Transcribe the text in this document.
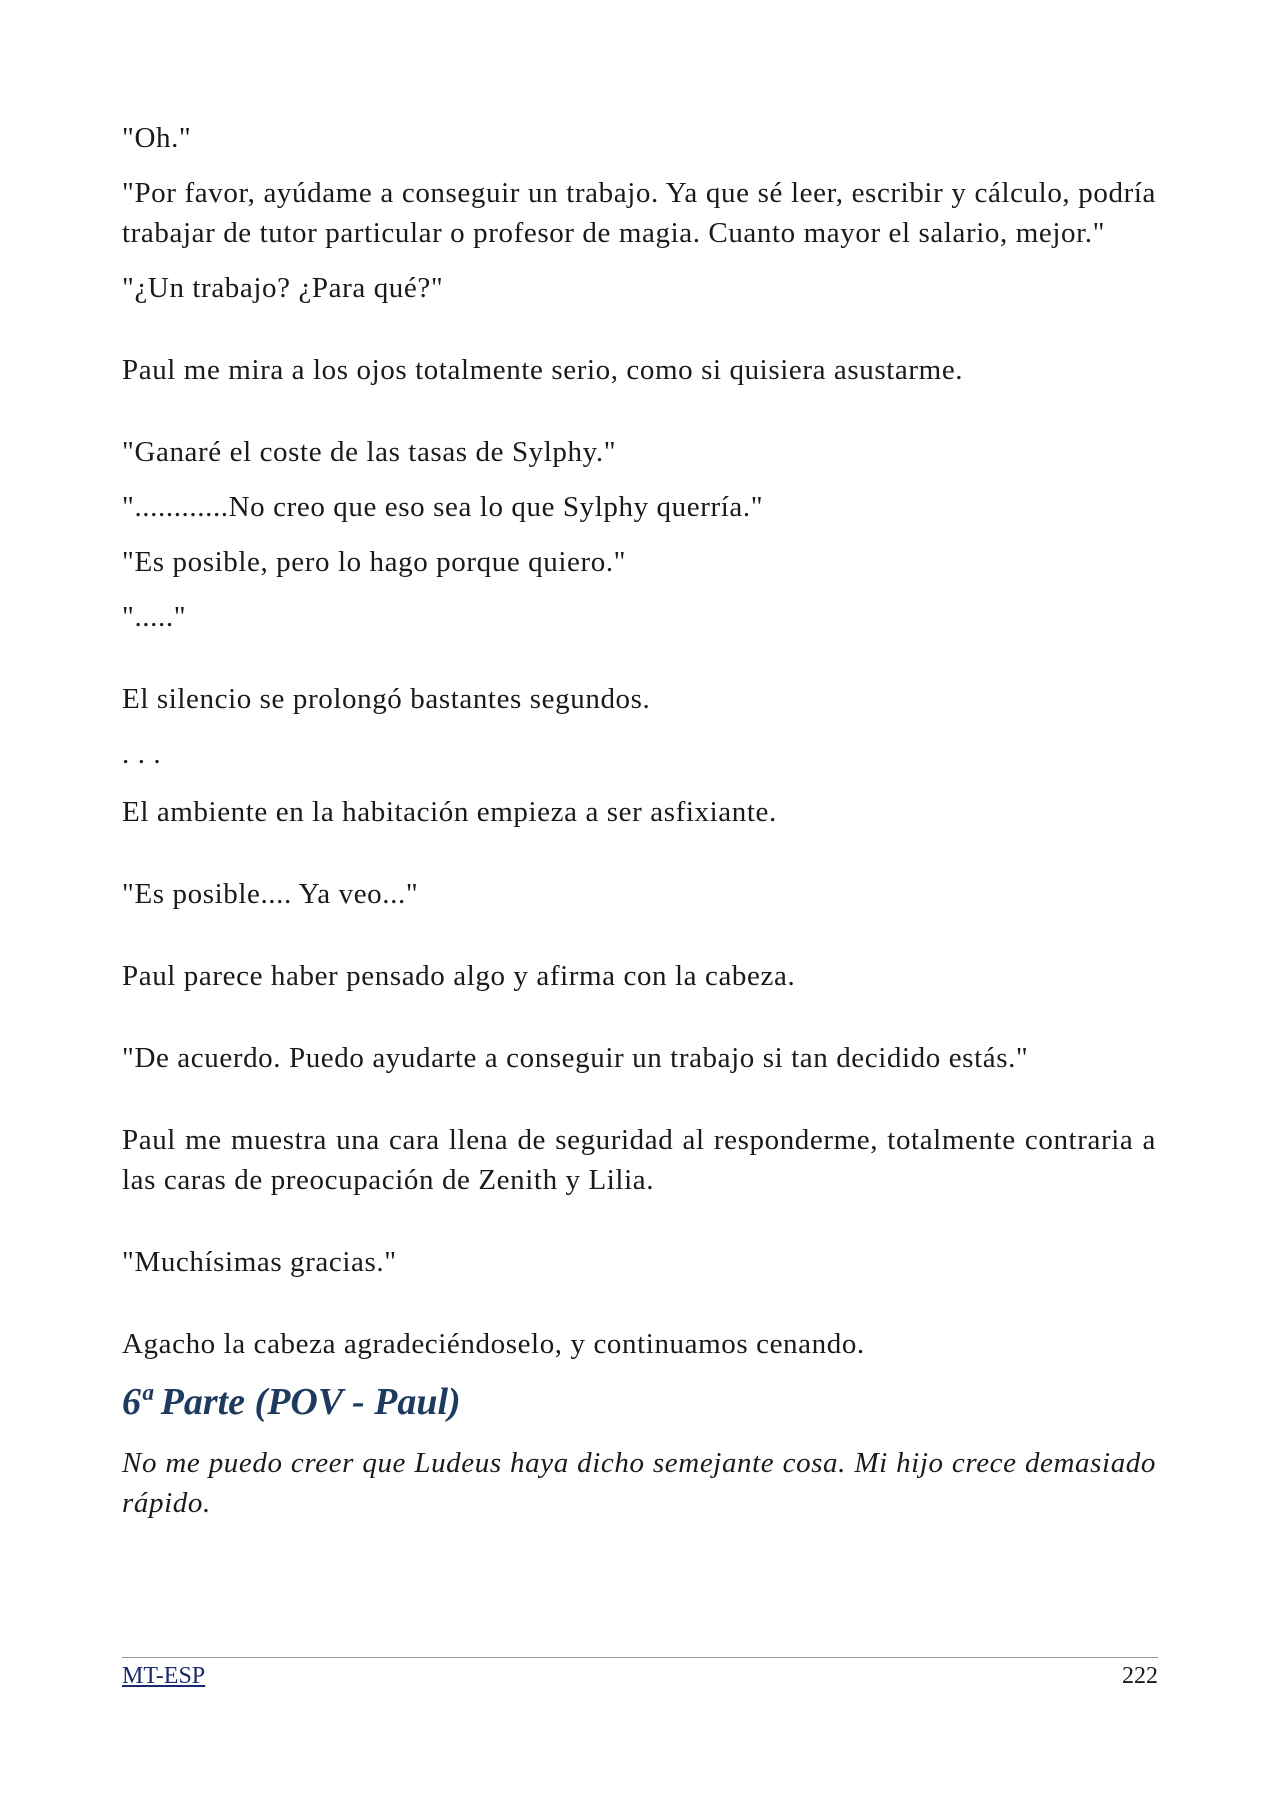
"Oh."

"Por favor, ayúdame a conseguir un trabajo. Ya que sé leer, escribir y cálculo, podría trabajar de tutor particular o profesor de magia. Cuanto mayor el salario, mejor."

"¿Un trabajo? ¿Para qué?"

Paul me mira a los ojos totalmente serio, como si quisiera asustarme.

"Ganaré el coste de las tasas de Sylphy."

"............No creo que eso sea lo que Sylphy querría."

"Es posible, pero lo hago porque quiero."

"....."

El silencio se prolongó bastantes segundos.

. . .

El ambiente en la habitación empieza a ser asfixiante.

"Es posible.... Ya veo..."

Paul parece haber pensado algo y afirma con la cabeza.

"De acuerdo. Puedo ayudarte a conseguir un trabajo si tan decidido estás."

Paul me muestra una cara llena de seguridad al responderme, totalmente contraria a las caras de preocupación de Zenith y Lilia.

"Muchísimas gracias."

Agacho la cabeza agradeciéndoselo, y continuamos cenando.

6ª Parte (POV - Paul)

No me puedo creer que Ludeus haya dicho semejante cosa. Mi hijo crece demasiado rápido.

MT-ESP	222
